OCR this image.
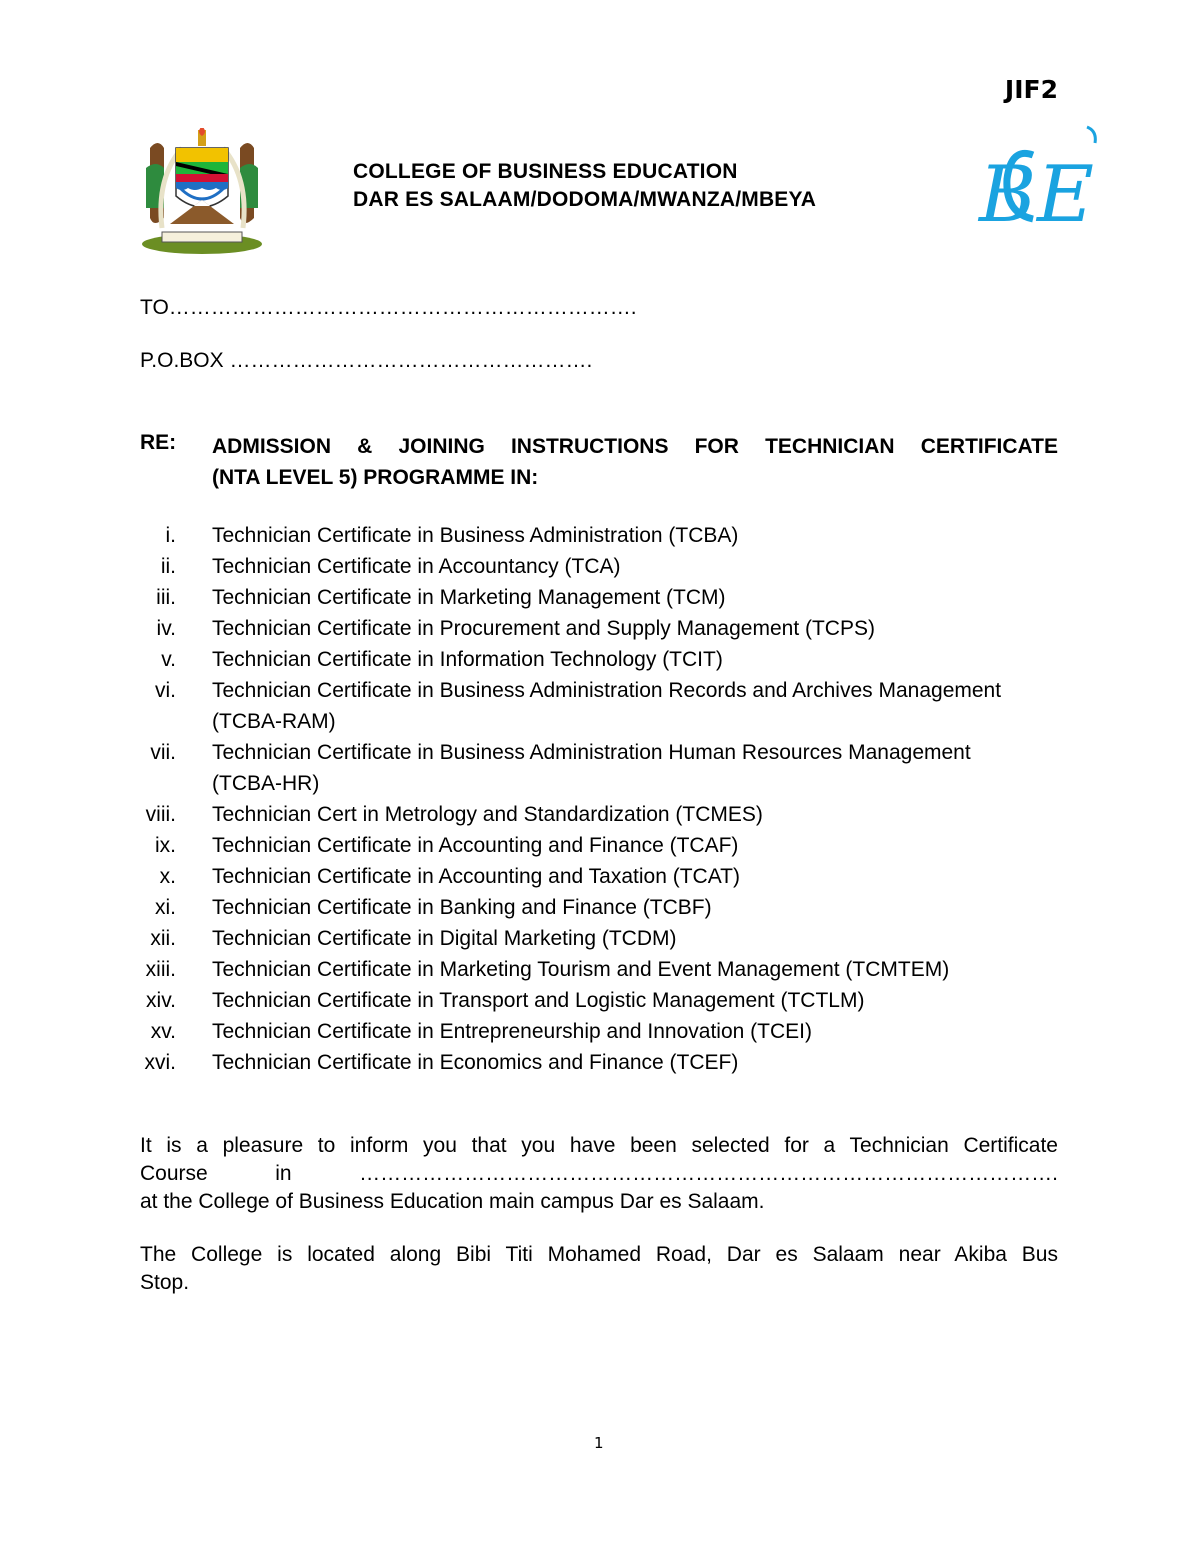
JIF2
COLLEGE OF BUSINESS EDUCATION
DAR ES SALAAM/DODOMA/MWANZA/MBEYA B E
TO………………………………………………………….
P.O.BOX …………………………………………….
RE: ADMISSION & JOINING INSTRUCTIONS FOR TECHNICIAN CERTIFICATE
(NTA LEVEL 5) PROGRAMME IN:
i. Technician Certificate in Business Administration (TCBA)
ii. Technician Certificate in Accountancy (TCA)
iii. Technician Certificate in Marketing Management (TCM)
iv. Technician Certificate in Procurement and Supply Management (TCPS)
v. Technician Certificate in Information Technology (TCIT)
vi. Technician Certificate in Business Administration Records and Archives Management (TCBA-RAM)
vii. Technician Certificate in Business Administration Human Resources Management (TCBA-HR)
viii. Technician Cert in Metrology and Standardization (TCMES)
ix. Technician Certificate in Accounting and Finance (TCAF)
x. Technician Certificate in Accounting and Taxation (TCAT)
xi. Technician Certificate in Banking and Finance (TCBF)
xii. Technician Certificate in Digital Marketing (TCDM)
xiii. Technician Certificate in Marketing Tourism and Event Management (TCMTEM)
xiv. Technician Certificate in Transport and Logistic Management (TCTLM)
xv. Technician Certificate in Entrepreneurship and Innovation (TCEI)
xvi. Technician Certificate in Economics and Finance (TCEF)
It is a pleasure to inform you that you have been selected for a Technician Certificate
Course in ……………………………………………………………………………………….
at the College of Business Education main campus Dar es Salaam.
The College is located along Bibi Titi Mohamed Road, Dar es Salaam near Akiba Bus
Stop.
1
